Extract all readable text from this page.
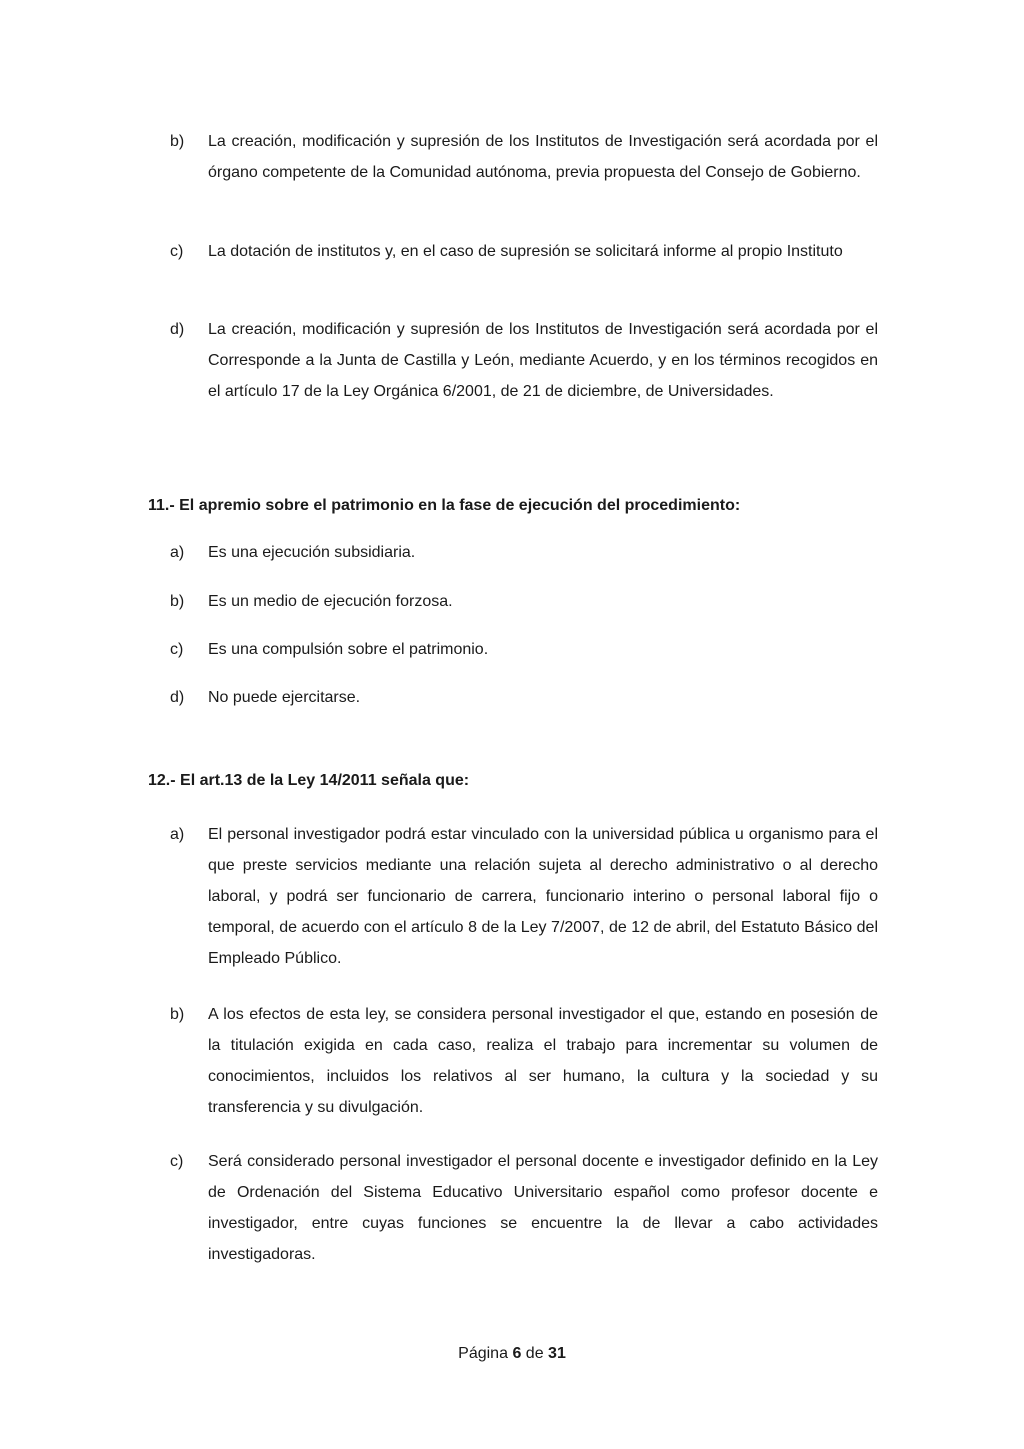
b) La creación, modificación y supresión de los Institutos de Investigación será acordada por el órgano competente de la Comunidad autónoma, previa propuesta del Consejo de Gobierno.
c) La dotación de institutos y, en el caso de supresión se solicitará informe al propio Instituto
d) La creación, modificación y supresión de los Institutos de Investigación será acordada por el Corresponde a la Junta de Castilla y León, mediante Acuerdo, y en los términos recogidos en el artículo 17 de la Ley Orgánica 6/2001, de 21 de diciembre, de Universidades.
11.- El apremio sobre el patrimonio en la fase de ejecución del procedimiento:
a) Es una ejecución subsidiaria.
b) Es un medio de ejecución forzosa.
c) Es una compulsión sobre el patrimonio.
d) No puede ejercitarse.
12.- El art.13 de la Ley 14/2011 señala que:
a) El personal investigador podrá estar vinculado con la universidad pública u organismo para el que preste servicios mediante una relación sujeta al derecho administrativo o al derecho laboral, y podrá ser funcionario de carrera, funcionario interino o personal laboral fijo o temporal, de acuerdo con el artículo 8 de la Ley 7/2007, de 12 de abril, del Estatuto Básico del Empleado Público.
b) A los efectos de esta ley, se considera personal investigador el que, estando en posesión de la titulación exigida en cada caso, realiza el trabajo para incrementar su volumen de conocimientos, incluidos los relativos al ser humano, la cultura y la sociedad y su transferencia y su divulgación.
c) Será considerado personal investigador el personal docente e investigador definido en la Ley de Ordenación del Sistema Educativo Universitario español como profesor docente e investigador, entre cuyas funciones se encuentre la de llevar a cabo actividades investigadoras.
Página 6 de 31
